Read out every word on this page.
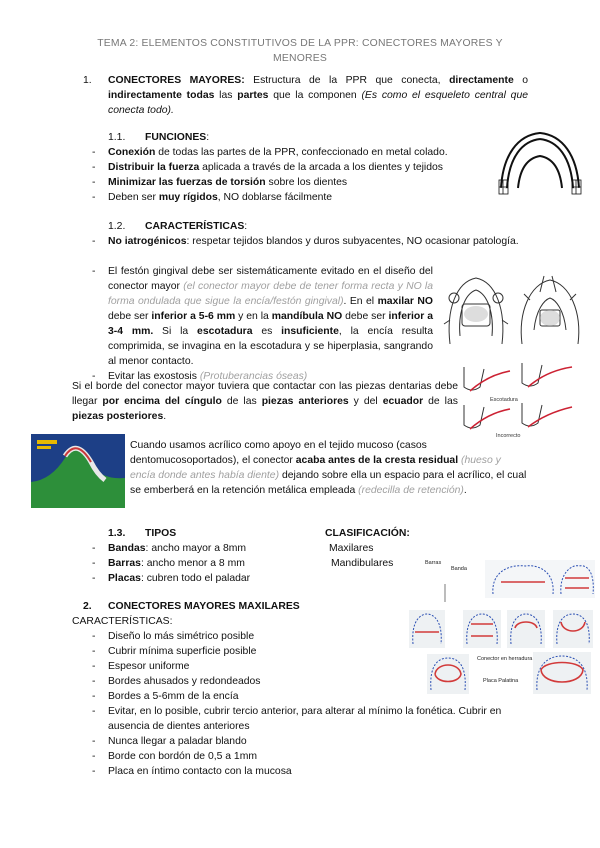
TEMA 2: ELEMENTOS CONSTITUTIVOS DE LA PPR: CONECTORES MAYORES Y MENORES
1. CONECTORES MAYORES: Estructura de la PPR que conecta, directamente o indirectamente todas las partes que la componen (Es como el esqueleto central que conecta todo).
1.1. FUNCIONES:
- Conexión de todas las partes de la PPR, confeccionado en metal colado.
- Distribuir la fuerza aplicada a través de la arcada a los dientes y tejidos
- Minimizar las fuerzas de torsión sobre los dientes
- Deben ser muy rígidos, NO doblarse fácilmente
1.2. CARACTERÍSTICAS:
- No iatrogénicos: respetar tejidos blandos y duros subyacentes, NO ocasionar patología.
- El festón gingival debe ser sistemáticamente evitado en el diseño del conector mayor (el conector mayor debe de tener forma recta y NO la forma ondulada que sigue la encía/festón gingival). En el maxilar NO debe ser inferior a 5-6 mm y en la mandíbula NO debe ser inferior a 3-4 mm. Si la escotadura es insuficiente, la encía resulta comprimida, se invagina en la escotadura y se hiperplasia, sangrando al menor contacto.
- Evitar las exostosis (Protuberancias óseas)
Escotadura
Incorrecto
Si el borde del conector mayor tuviera que contactar con las piezas dentarias debe llegar por encima del cíngulo de las piezas anteriores y del ecuador de las piezas posteriores.
Cuando usamos acrílico como apoyo en el tejido mucoso (casos dentomucosoportados), el conector acaba antes de la cresta residual (hueso y encía donde antes había diente) dejando sobre ella un espacio para el acrílico, el cual se emberberá en la retención metálica empleada (redecilla de retención).
1.3. TIPOS
- Bandas: ancho mayor a 8mm
- Barras: ancho menor a 8 mm
- Placas: cubren todo el paladar
CLASIFICACIÓN:
Maxilares
Mandibulares
2. CONECTORES MAYORES MAXILARES
CARACTERÍSTICAS:
- Diseño lo más simétrico posible
- Cubrir mínima superficie posible
- Espesor uniforme
- Bordes ahusados y redondeados
- Bordes a 5-6mm de la encía
- Evitar, en lo posible, cubrir tercio anterior, para alterar al mínimo la fonética. Cubrir en ausencia de dientes anteriores
- Nunca llegar a paladar blando
- Borde con bordón de 0,5 a 1mm
- Placa en íntimo contacto con la mucosa
Barras
Banda
Conector en herradura
Placa Palatina
